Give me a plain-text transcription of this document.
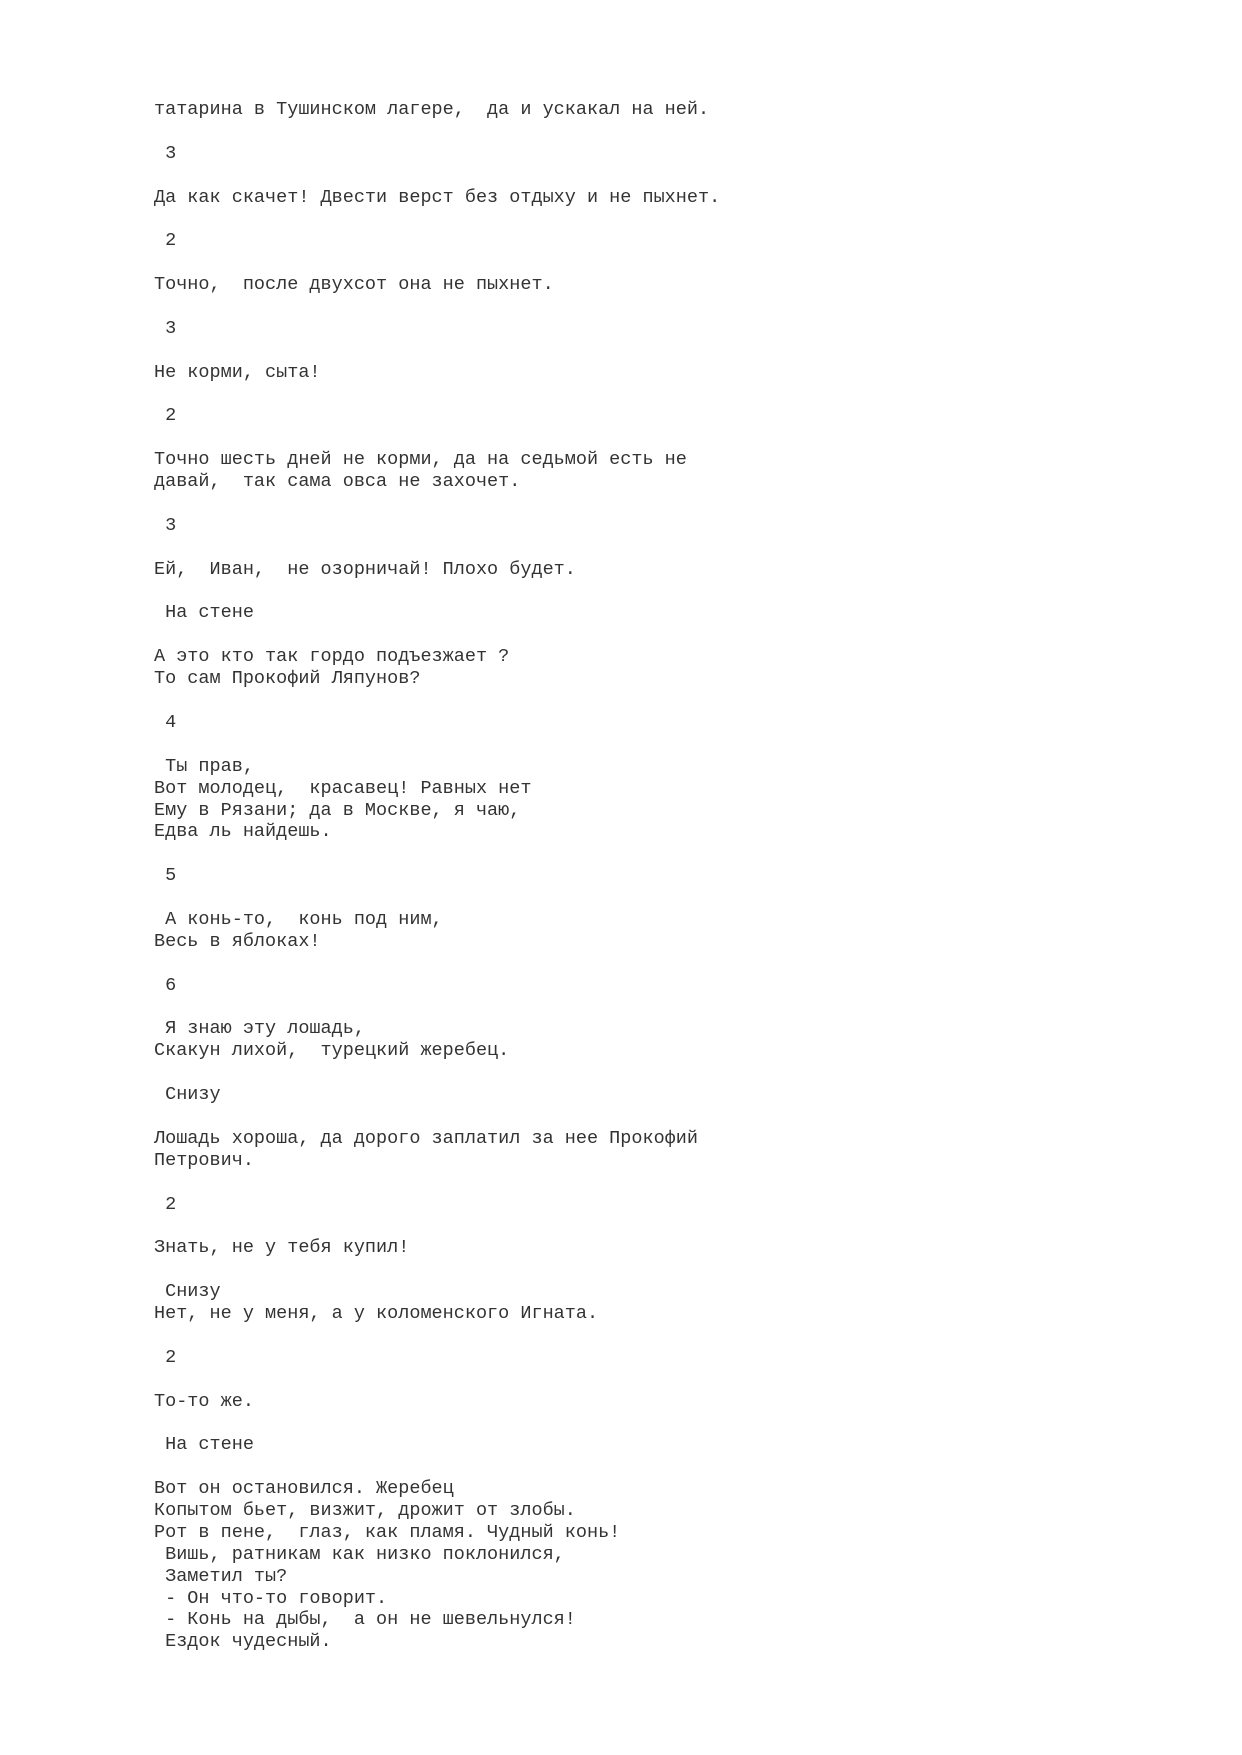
татарина в Тушинском лагере,  да и ускакал на ней.
3
Да как скачет! Двести верст без отдыху и не пыхнет.
2
Точно,  после двухсот она не пыхнет.
3
Не корми, сыта!
2
Точно шесть дней не корми, да на седьмой есть не
давай,  так сама овса не захочет.
3
Ей,  Иван,  не озорничай! Плохо будет.
На стене
А это кто так гордо подъезжает ?
То сам Прокофий Ляпунов?
4
Ты прав,
Вот молодец,  красавец! Равных нет
Ему в Рязани; да в Москве, я чаю,
Едва ль найдешь.
5
А конь-то,  конь под ним,
Весь в яблоках!
6
Я знаю эту лошадь,
Скакун лихой,  турецкий жеребец.
Снизу
Лошадь хороша, да дорого заплатил за нее Прокофий
Петрович.
2
Знать, не у тебя купил!
Снизу
Нет, не у меня, а у коломенского Игната.
2
То-то же.
На стене
Вот он остановился. Жеребец
Копытом бьет, визжит, дрожит от злобы.
Рот в пене,  глаз, как пламя. Чудный конь!
Вишь, ратникам как низко поклонился,
Заметил ты?
- Он что-то говорит.
- Конь на дыбы,  а он не шевельнулся!
Ездок чудесный.
